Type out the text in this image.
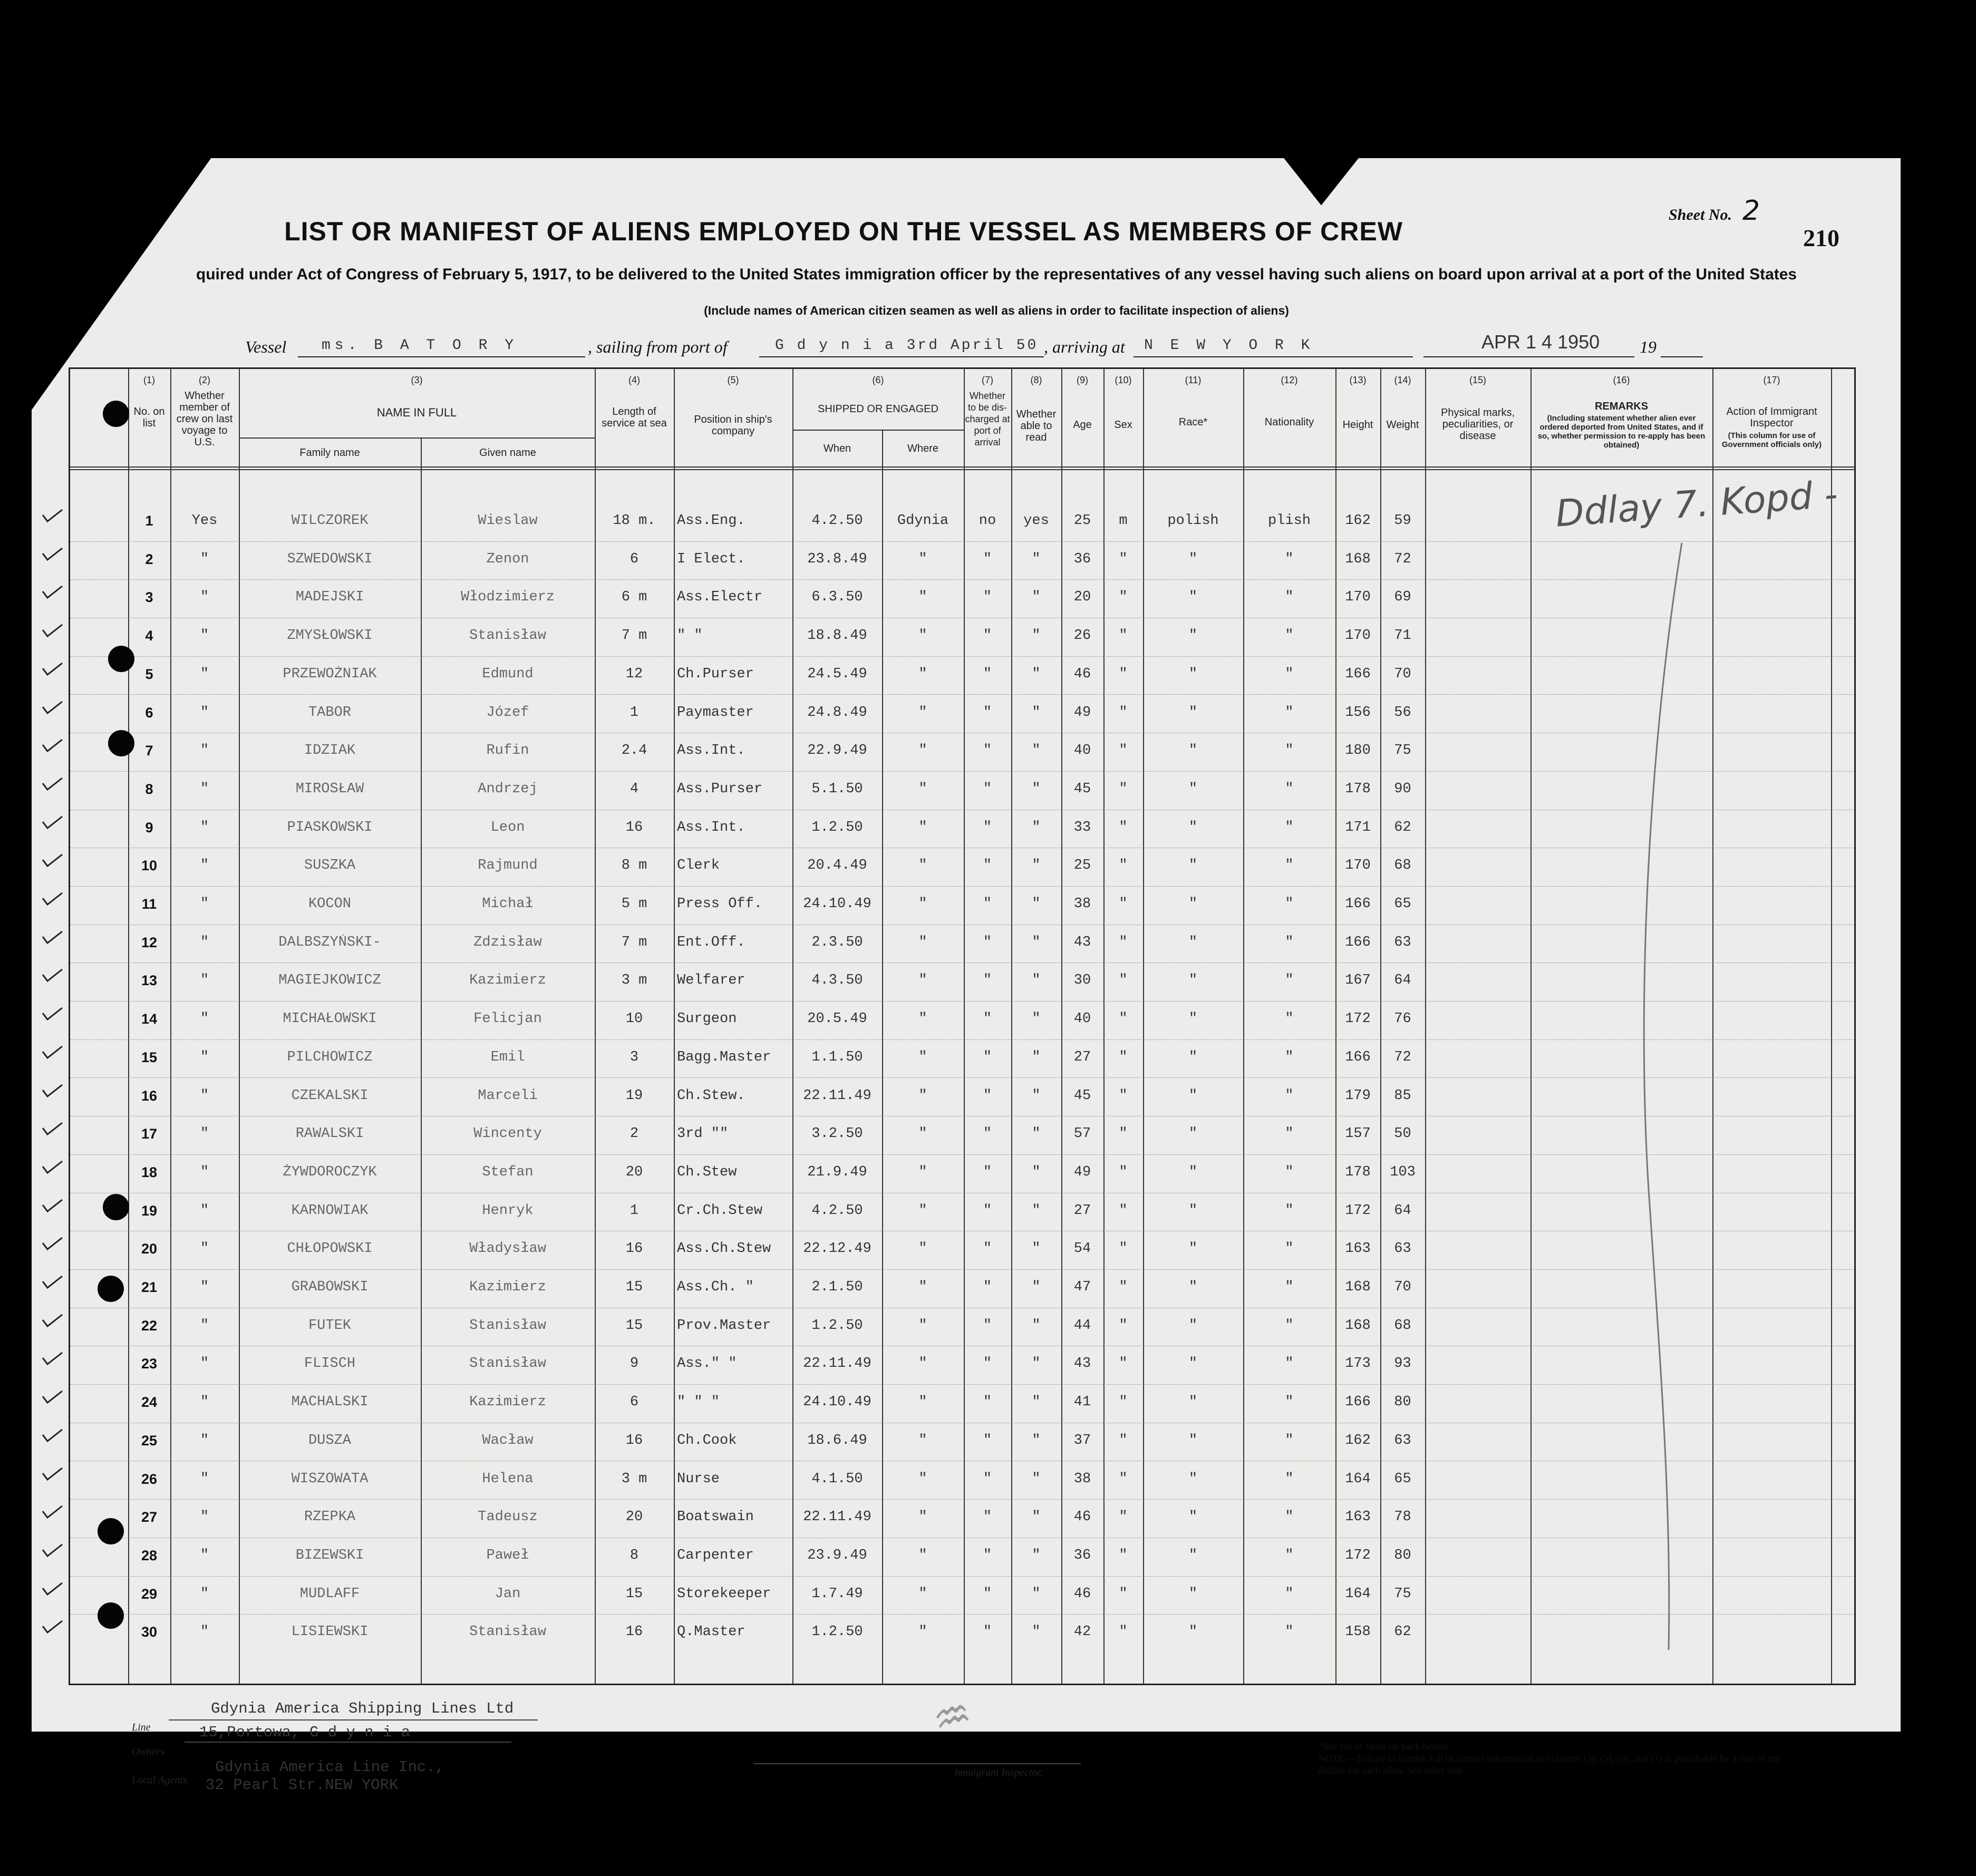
Sheet No. 2
210
LIST OR MANIFEST OF ALIENS EMPLOYED ON THE VESSEL AS MEMBERS OF CREW
quired under Act of Congress of February 5, 1917, to be delivered to the United States immigration officer by the representatives of any vessel having such aliens on board upon arrival at a port of the United States
(Include names of American citizen seamen as well as aliens in order to facilitate inspection of aliens)
Vessel ms. B A T O R Y	, sailing from port of	G d y n i a 3rd April 50 , arriving at N E W Y O R K	APR 1 4 1950 19
(1)
No. on list
(2)
Whether member of crew on last voyage to U.S.
(3)
NAME IN FULL
Family name	Given name
(4)
Length of service at sea
(5)
Position in ship's company
(6)
SHIPPED OR ENGAGED
When	Where
(7)
Whether to be dis-charged at port of arrival
(8)
Whether able to read
(9)
Age
(10)
Sex
(11)
Race*
(12)
Nationality
(13)
Height
(14)
Weight
(15)
Physical marks, peculiarities, or disease
(16)
REMARKS
(Including statement whether alien ever ordered deported from United States, and if so, whether permission to re-apply has been obtained)
(17)
Action of Immigrant Inspector
(This column for use of Government officials only)
1	Yes	WILCZOREK	Wieslaw	18 m.	Ass.Eng.	4.2.50	Gdynia	no	yes	25	m	polish	plish	162	59
2	"	SZWEDOWSKI	Zenon	6	I Elect.	23.8.49	"	"	"	36	"	"	"	168	72
3	"	MADEJSKI	Włodzimierz	6 m	Ass.Electr	6.3.50	"	"	"	20	"	"	"	170	69
4	"	ZMYSŁOWSKI	Stanisław	7 m	" "	18.8.49	"	"	"	26	"	"	"	170	71
5	"	PRZEWOŹNIAK	Edmund	12	Ch.Purser	24.5.49	"	"	"	46	"	"	"	166	70
6	"	TABOR	Józef	1	Paymaster	24.8.49	"	"	"	49	"	"	"	156	56
7	"	IDZIAK	Rufin	2.4	Ass.Int.	22.9.49	"	"	"	40	"	"	"	180	75
8	"	MIROSŁAW	Andrzej	4	Ass.Purser	5.1.50	"	"	"	45	"	"	"	178	90
9	"	PIASKOWSKI	Leon	16	Ass.Int.	1.2.50	"	"	"	33	"	"	"	171	62
10	"	SUSZKA	Rajmund	8 m	Clerk	20.4.49	"	"	"	25	"	"	"	170	68
11	"	KOCON	Michał	5 m	Press Off.	24.10.49	"	"	"	38	"	"	"	166	65
12	"	DALBSZYŃSKI-	Zdzisław	7 m	Ent.Off.	2.3.50	"	"	"	43	"	"	"	166	63
13	"	MAGIEJKOWICZ	Kazimierz	3 m	Welfarer	4.3.50	"	"	"	30	"	"	"	167	64
14	"	MICHAŁOWSKI	Felicjan	10	Surgeon	20.5.49	"	"	"	40	"	"	"	172	76
15	"	PILCHOWICZ	Emil	3	Bagg.Master	1.1.50	"	"	"	27	"	"	"	166	72
16	"	CZEKALSKI	Marceli	19	Ch.Stew.	22.11.49	"	"	"	45	"	"	"	179	85
17	"	RAWALSKI	Wincenty	2	3rd ""	3.2.50	"	"	"	57	"	"	"	157	50
18	"	ŻYWDOROCZYK	Stefan	20	Ch.Stew	21.9.49	"	"	"	49	"	"	"	178	103
19	"	KARNOWIAK	Henryk	1	Cr.Ch.Stew	4.2.50	"	"	"	27	"	"	"	172	64
20	"	CHŁOPOWSKI	Władysław	16	Ass.Ch.Stew	22.12.49	"	"	"	54	"	"	"	163	63
21	"	GRABOWSKI	Kazimierz	15	Ass.Ch. "	2.1.50	"	"	"	47	"	"	"	168	70
22	"	FUTEK	Stanisław	15	Prov.Master	1.2.50	"	"	"	44	"	"	"	168	68
23	"	FLISCH	Stanisław	9	Ass." "	22.11.49	"	"	"	43	"	"	"	173	93
24	"	MACHALSKI	Kazimierz	6	" " "	24.10.49	"	"	"	41	"	"	"	166	80
25	"	DUSZA	Wacław	16	Ch.Cook	18.6.49	"	"	"	37	"	"	"	162	63
26	"	WISZOWATA	Helena	3 m	Nurse	4.1.50	"	"	"	38	"	"	"	164	65
27	"	RZEPKA	Tadeusz	20	Boatswain	22.11.49	"	"	"	46	"	"	"	163	78
28	"	BIZEWSKI	Paweł	8	Carpenter	23.9.49	"	"	"	36	"	"	"	172	80
29	"	MUDLAFF	Jan	15	Storekeeper	1.7.49	"	"	"	46	"	"	"	164	75
30	"	LISIEWSKI	Stanisław	16	Q.Master	1.2.50	"	"	"	42	"	"	"	158	62
Ddlay 7. Kopd -
Line
Gdynia America Shipping Lines Ltd
Owners
15,Portowa, G d y n i a
Local Agents
Gdynia America Line Inc.,
32 Pearl Str.NEW YORK
Immigrant Inspector.
♒
*See list of races on back hereof.
NOTE.—Failure to furnish full or correct information in columns (3), (5), (6), and (7) is punishable by a fine of ten dollars for each alien. See other side.
